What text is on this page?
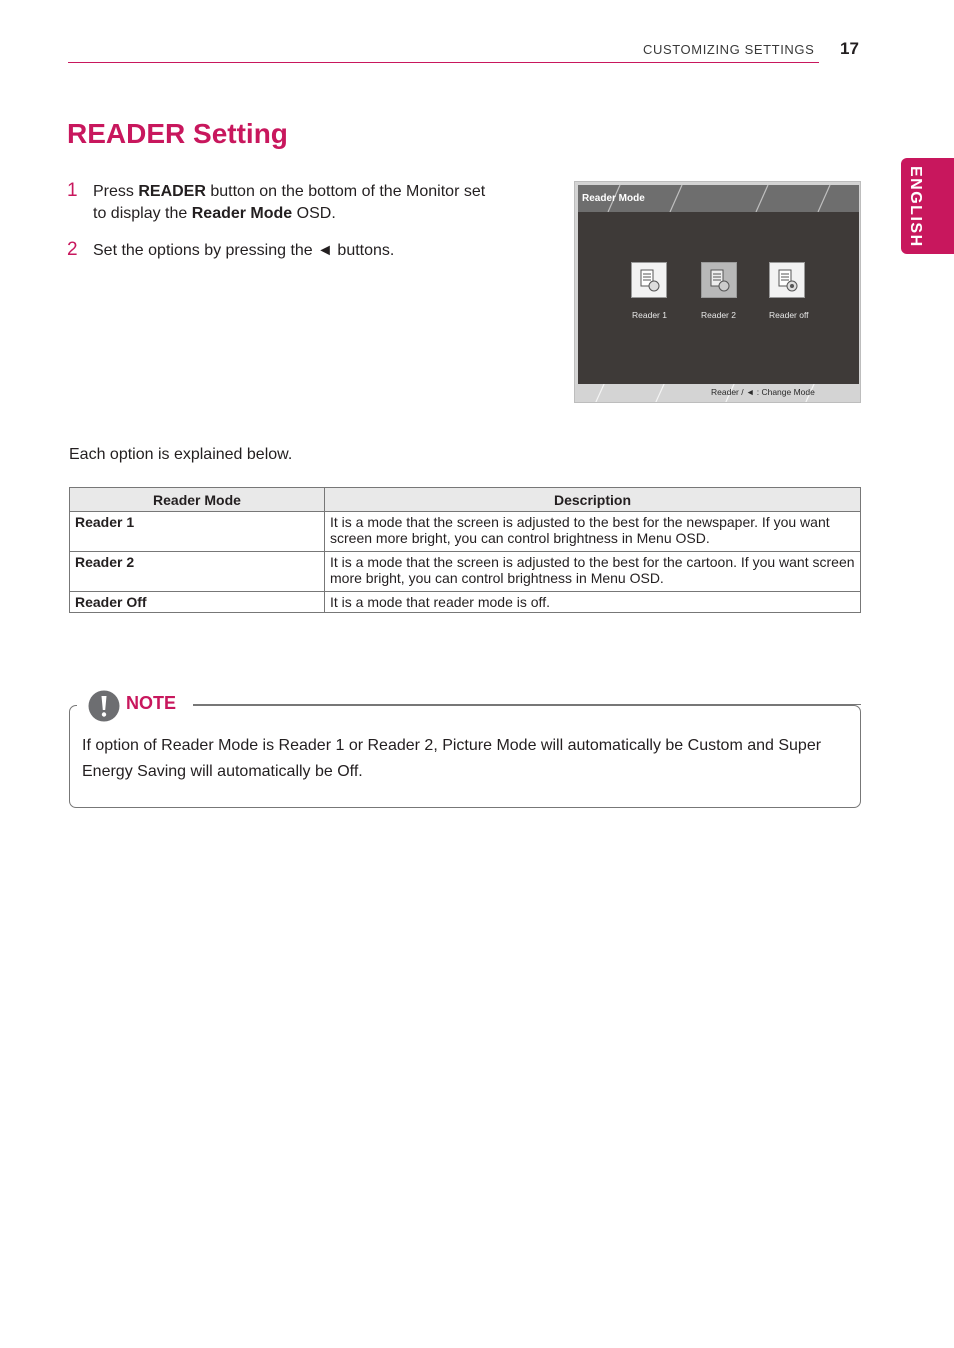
CUSTOMIZING SETTINGS	17
ENGLISH
READER Setting
1 Press READER button on the bottom of the Monitor set to display the Reader Mode OSD.
2 Set the options by pressing the ◄ buttons.
Reader Mode
Reader 1	Reader 2	Reader off
Reader / ◄ : Change Mode
Each option is explained below.
Reader Mode	Description
Reader 1	It is a mode that the screen is adjusted to the best for the newspaper. If you want screen more bright, you can control brightness in Menu OSD.
Reader 2	It is a mode that the screen is adjusted to the best for the cartoon. If you want screen more bright, you can control brightness in Menu OSD.
Reader Off	It is a mode that reader mode is off.
NOTE
If option of Reader Mode is Reader 1 or Reader 2, Picture Mode will automatically be Custom and Super Energy Saving will automatically be Off.
